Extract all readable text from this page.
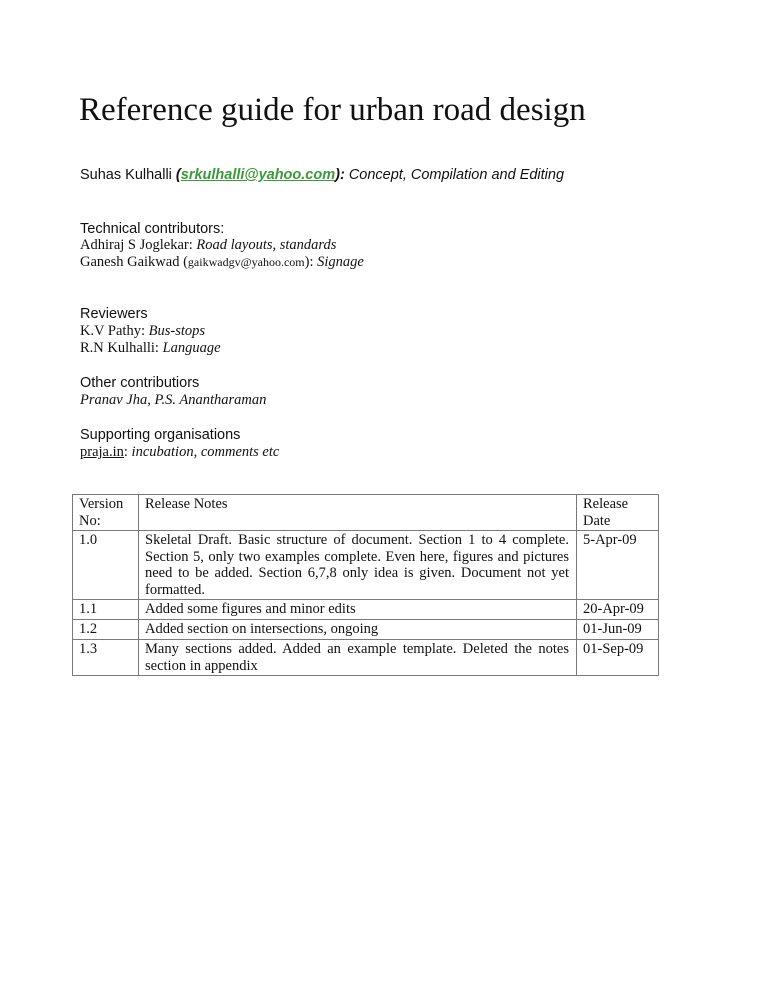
Reference guide for urban road design
Suhas Kulhalli (srkulhalli@yahoo.com): Concept, Compilation and Editing
Technical contributors:
Adhiraj S Joglekar: Road layouts, standards
Ganesh Gaikwad (gaikwadgv@yahoo.com): Signage
Reviewers
K.V Pathy: Bus-stops
R.N Kulhalli: Language
Other contributiors
Pranav Jha, P.S. Anantharaman
Supporting organisations
praja.in: incubation, comments etc
Version No:	Release Notes	Release Date
1.0	Skeletal Draft. Basic structure of document. Section 1 to 4 complete. Section 5, only two examples complete. Even here, figures and pictures need to be added. Section 6,7,8 only idea is given. Document not yet formatted.	5-Apr-09
1.1	Added some figures and minor edits	20-Apr-09
1.2	Added section on intersections, ongoing	01-Jun-09
1.3	Many sections added. Added an example template. Deleted the notes section in appendix	01-Sep-09
